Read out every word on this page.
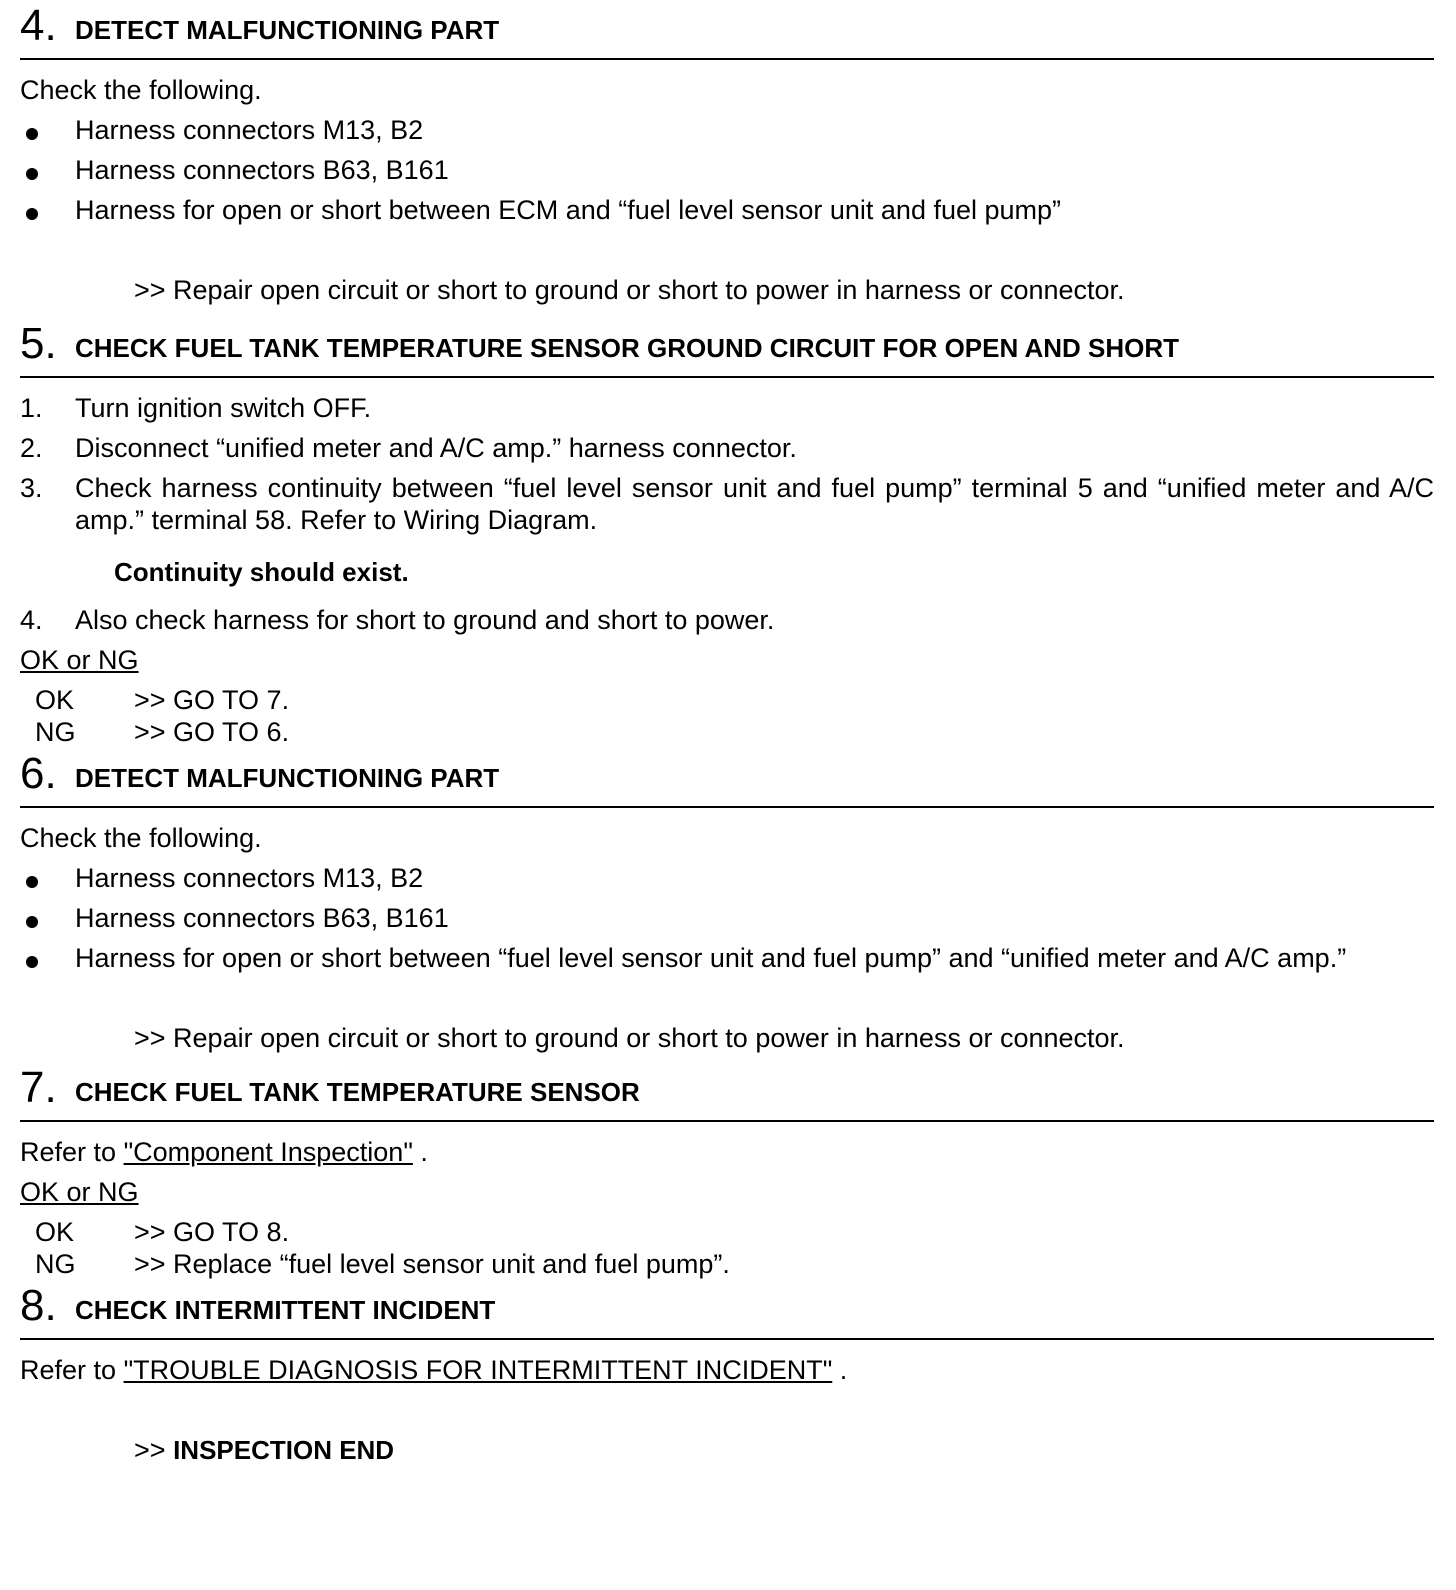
4. DETECT MALFUNCTIONING PART
Check the following.
Harness connectors M13, B2
Harness connectors B63, B161
Harness for open or short between ECM and “fuel level sensor unit and fuel pump”
>> Repair open circuit or short to ground or short to power in harness or connector.
5. CHECK FUEL TANK TEMPERATURE SENSOR GROUND CIRCUIT FOR OPEN AND SHORT
1. Turn ignition switch OFF.
2. Disconnect “unified meter and A/C amp.” harness connector.
3. Check harness continuity between “fuel level sensor unit and fuel pump” terminal 5 and “unified meter and A/C amp.” terminal 58. Refer to Wiring Diagram.
Continuity should exist.
4. Also check harness for short to ground and short to power.
OK or NG
OK >> GO TO 7.
NG >> GO TO 6.
6. DETECT MALFUNCTIONING PART
Check the following.
Harness connectors M13, B2
Harness connectors B63, B161
Harness for open or short between “fuel level sensor unit and fuel pump” and “unified meter and A/C amp.”
>> Repair open circuit or short to ground or short to power in harness or connector.
7. CHECK FUEL TANK TEMPERATURE SENSOR
Refer to "Component Inspection" .
OK or NG
OK >> GO TO 8.
NG >> Replace “fuel level sensor unit and fuel pump”.
8. CHECK INTERMITTENT INCIDENT
Refer to "TROUBLE DIAGNOSIS FOR INTERMITTENT INCIDENT" .
>> INSPECTION END
